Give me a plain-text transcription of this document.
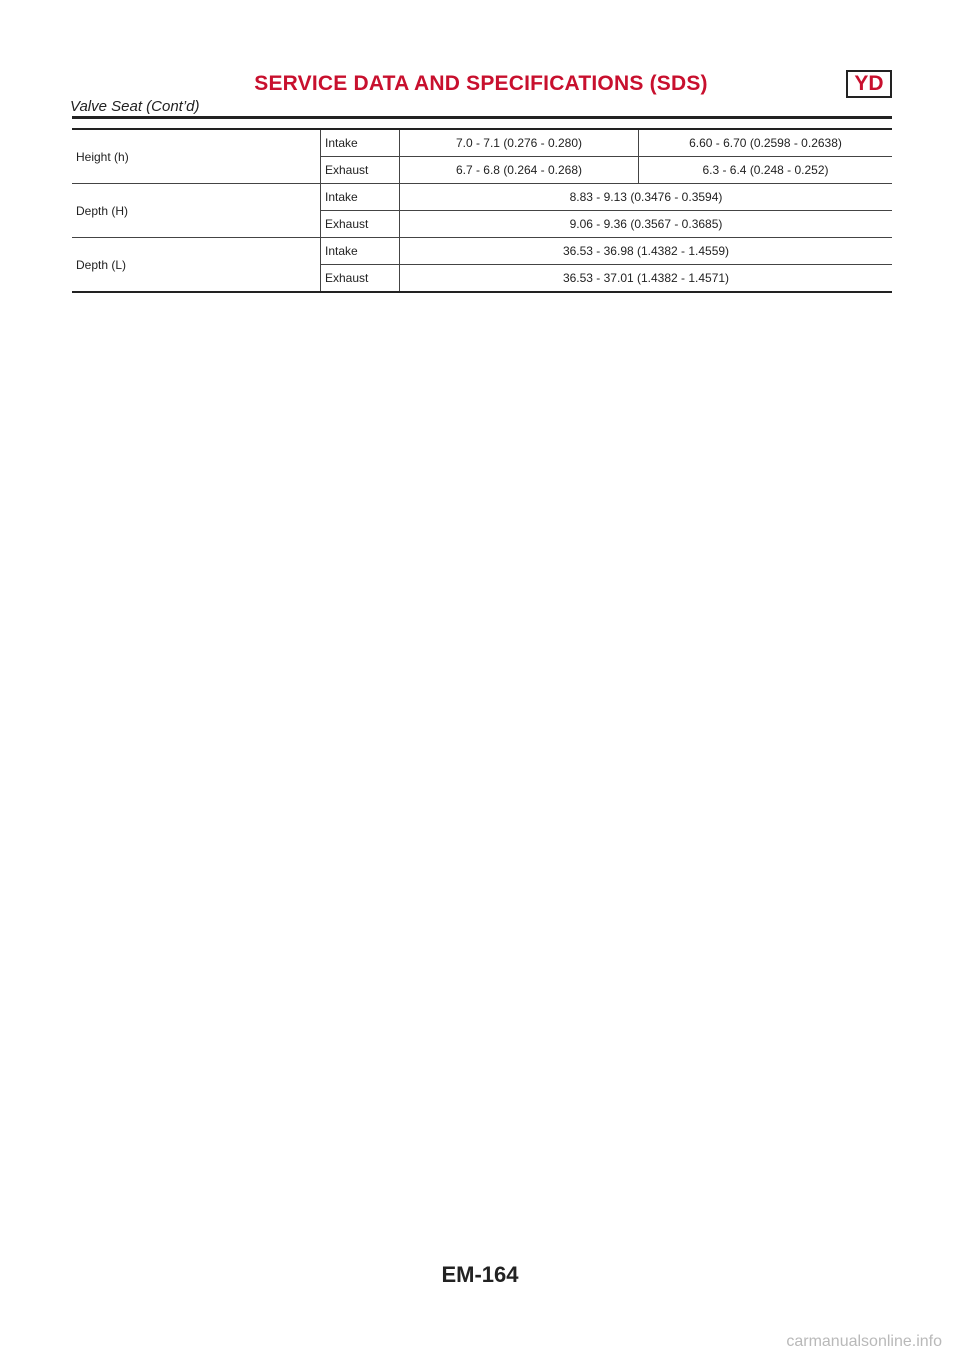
SERVICE DATA AND SPECIFICATIONS (SDS)	YD
Valve Seat (Cont’d)
Height (h)	Intake	7.0 - 7.1 (0.276 - 0.280)	6.60 - 6.70 (0.2598 - 0.2638)
	Exhaust	6.7 - 6.8 (0.264 - 0.268)	6.3 - 6.4 (0.248 - 0.252)
Depth (H)	Intake	8.83 - 9.13 (0.3476 - 0.3594)	
	Exhaust	9.06 - 9.36 (0.3567 - 0.3685)	
Depth (L)	Intake	36.53 - 36.98 (1.4382 - 1.4559)	
	Exhaust	36.53 - 37.01 (1.4382 - 1.4571)	
EM-164
carmanualsonline.info
